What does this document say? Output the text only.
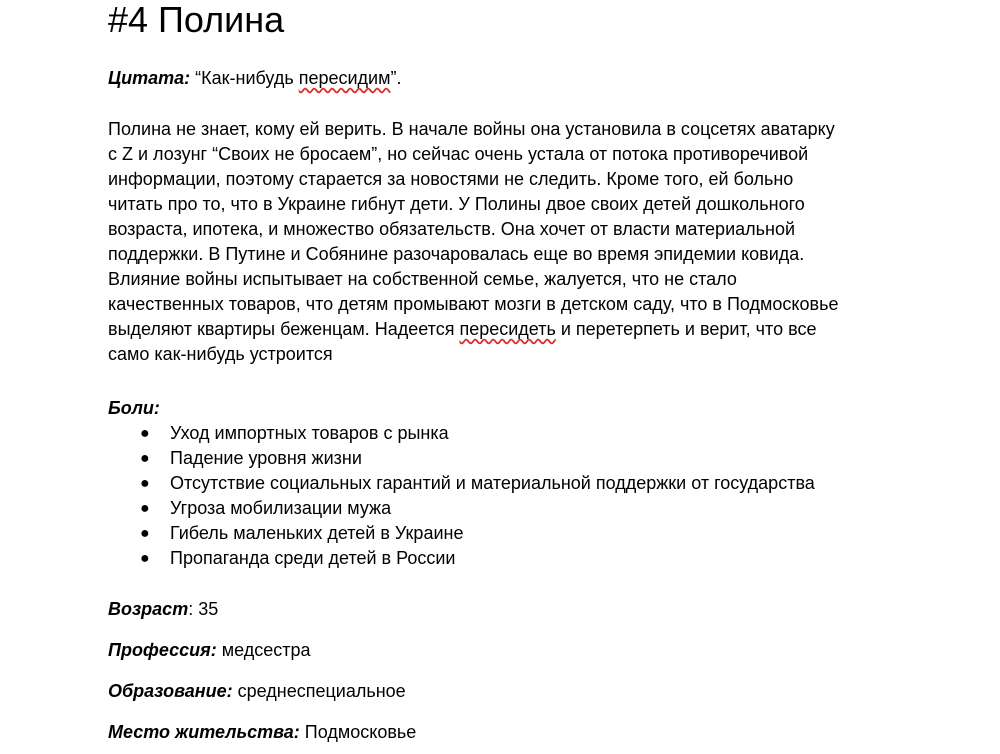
#4 Полина
Цитата: “Как-нибудь пересидим”.

Полина не знает, кому ей верить. В начале войны она установила в соцсетях аватарку
с Z и лозунг “Своих не бросаем”, но сейчас очень устала от потока противоречивой
информации, поэтому старается за новостями не следить. Кроме того, ей больно
читать про то, что в Украине гибнут дети. У Полины двое своих детей дошкольного
возраста, ипотека, и множество обязательств. Она хочет от власти материальной
поддержки. В Путине и Собянине разочаровалась еще во время эпидемии ковида.
Влияние войны испытывает на собственной семье, жалуется, что не стало
качественных товаров, что детям промывают мозги в детском саду, что в Подмосковье
выделяют квартиры беженцам. Надеется пересидеть и перетерпеть и верит, что все
само как-нибудь устроится

Боли:
● Уход импортных товаров с рынка
● Падение уровня жизни
● Отсутствие социальных гарантий и материальной поддержки от государства
● Угроза мобилизации мужа
● Гибель маленьких детей в Украине
● Пропаганда среди детей в России
Возраст: 35
Профессия: медсестра
Образование: среднеспециальное
Место жительства: Подмосковье
